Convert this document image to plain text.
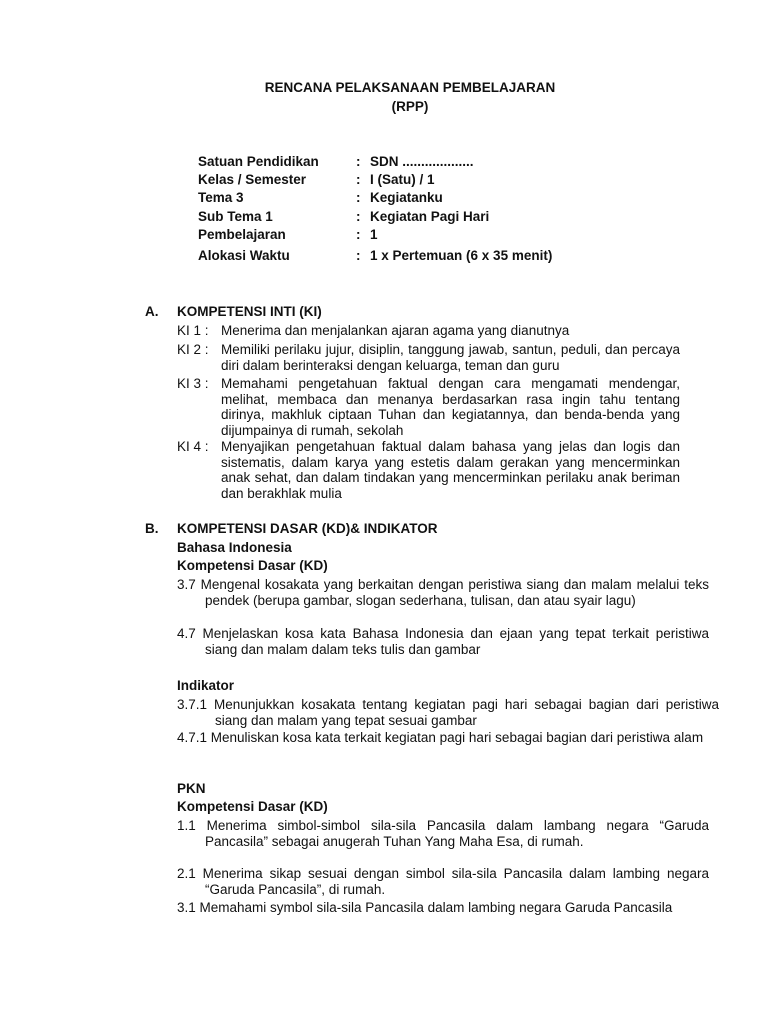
RENCANA PELAKSANAAN PEMBELAJARAN
(RPP)
Satuan Pendidikan	: SDN ...................
Kelas / Semester	: I (Satu) / 1
Tema 3	: Kegiatanku
Sub Tema 1	: Kegiatan Pagi Hari
Pembelajaran	: 1
Alokasi Waktu	: 1 x Pertemuan (6 x 35 menit)
A. KOMPETENSI INTI (KI)
KI 1 : Menerima dan menjalankan ajaran agama yang dianutnya
KI 2 : Memiliki perilaku jujur, disiplin, tanggung jawab, santun, peduli, dan percaya diri dalam berinteraksi dengan keluarga, teman dan guru
KI 3 : Memahami pengetahuan faktual dengan cara mengamati mendengar, melihat, membaca dan menanya berdasarkan rasa ingin tahu tentang dirinya, makhluk ciptaan Tuhan dan kegiatannya, dan benda-benda yang dijumpainya di rumah, sekolah
KI 4 : Menyajikan pengetahuan faktual dalam bahasa yang jelas dan logis dan sistematis, dalam karya yang estetis dalam gerakan yang mencerminkan anak sehat, dan dalam tindakan yang mencerminkan perilaku anak beriman dan berakhlak mulia
B. KOMPETENSI DASAR (KD)& INDIKATOR
Bahasa Indonesia
Kompetensi Dasar (KD)
3.7 Mengenal kosakata yang berkaitan dengan peristiwa siang dan malam melalui teks pendek (berupa gambar, slogan sederhana, tulisan, dan atau syair lagu)
4.7 Menjelaskan kosa kata Bahasa Indonesia dan ejaan yang tepat terkait peristiwa siang dan malam dalam teks tulis dan gambar
Indikator
3.7.1 Menunjukkan kosakata tentang kegiatan pagi hari sebagai bagian dari peristiwa siang dan malam yang tepat sesuai gambar
4.7.1 Menuliskan kosa kata terkait kegiatan pagi hari sebagai bagian dari peristiwa alam
PKN
Kompetensi Dasar (KD)
1.1 Menerima simbol-simbol sila-sila Pancasila dalam lambang negara “Garuda Pancasila” sebagai anugerah Tuhan Yang Maha Esa, di rumah.
2.1 Menerima sikap sesuai dengan simbol sila-sila Pancasila dalam lambing negara “Garuda Pancasila”, di rumah.
3.1 Memahami symbol sila-sila Pancasila dalam lambing negara Garuda Pancasila
